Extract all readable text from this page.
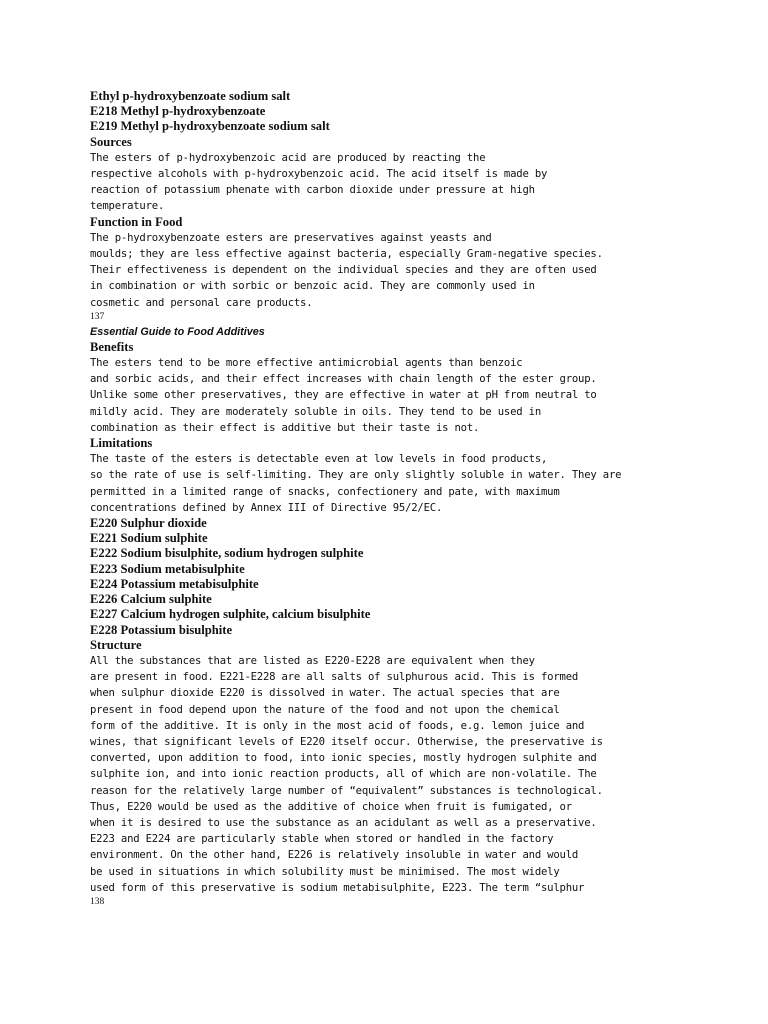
Ethyl p-hydroxybenzoate sodium salt
E218 Methyl p-hydroxybenzoate
E219 Methyl p-hydroxybenzoate sodium salt
Sources
The esters of p-hydroxybenzoic acid are produced by reacting the
respective alcohols with p-hydroxybenzoic acid. The acid itself is made by
reaction of potassium phenate with carbon dioxide under pressure at high
temperature.
Function in Food
The p-hydroxybenzoate esters are preservatives against yeasts and
moulds; they are less effective against bacteria, especially Gram-negative species.
Their effectiveness is dependent on the individual species and they are often used
in combination or with sorbic or benzoic acid. They are commonly used in
cosmetic and personal care products.
137
Essential Guide to Food Additives
Benefits
The esters tend to be more effective antimicrobial agents than benzoic
and sorbic acids, and their effect increases with chain length of the ester group.
Unlike some other preservatives, they are effective in water at pH from neutral to
mildly acid. They are moderately soluble in oils. They tend to be used in
combination as their effect is additive but their taste is not.
Limitations
The taste of the esters is detectable even at low levels in food products,
so the rate of use is self-limiting. They are only slightly soluble in water. They are
permitted in a limited range of snacks, confectionery and pate, with maximum
concentrations defined by Annex III of Directive 95/2/EC.
E220 Sulphur dioxide
E221 Sodium sulphite
E222 Sodium bisulphite, sodium hydrogen sulphite
E223 Sodium metabisulphite
E224 Potassium metabisulphite
E226 Calcium sulphite
E227 Calcium hydrogen sulphite, calcium bisulphite
E228 Potassium bisulphite
Structure
All the substances that are listed as E220-E228 are equivalent when they
are present in food. E221-E228 are all salts of sulphurous acid. This is formed
when sulphur dioxide E220 is dissolved in water. The actual species that are
present in food depend upon the nature of the food and not upon the chemical
form of the additive. It is only in the most acid of foods, e.g. lemon juice and
wines, that significant levels of E220 itself occur. Otherwise, the preservative is
converted, upon addition to food, into ionic species, mostly hydrogen sulphite and
sulphite ion, and into ionic reaction products, all of which are non-volatile. The
reason for the relatively large number of “equivalent” substances is technological.
Thus, E220 would be used as the additive of choice when fruit is fumigated, or
when it is desired to use the substance as an acidulant as well as a preservative.
E223 and E224 are particularly stable when stored or handled in the factory
environment. On the other hand, E226 is relatively insoluble in water and would
be used in situations in which solubility must be minimised. The most widely
used form of this preservative is sodium metabisulphite, E223. The term “sulphur
138
